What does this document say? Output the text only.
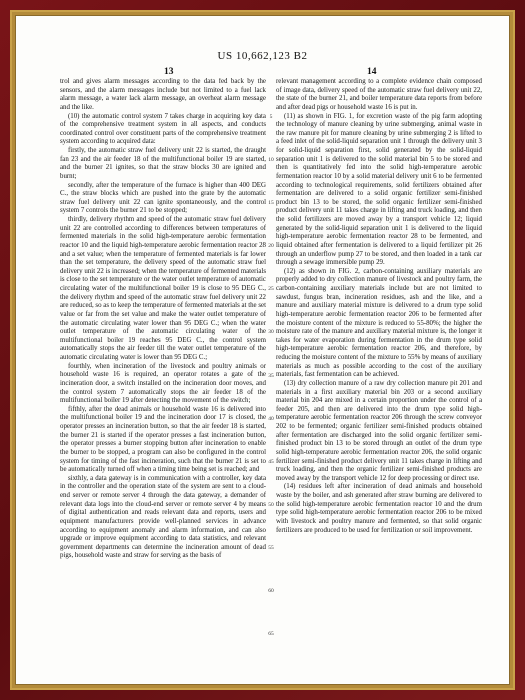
US 10,662,123 B2
13	14

trol and gives alarm messages according to the data fed back by the sensors, and the alarm messages include but not limited to a fuel lack alarm message, a water lack alarm message, an overheat alarm message and the like.

(10) the automatic control system 7 takes charge in acquiring key data of the comprehensive treatment system in all aspects, and conducts coordinated control over constituent parts of the comprehensive treatment system according to acquired data:

firstly, the automatic straw fuel delivery unit 22 is started, the draught fan 23 and the air feeder 18 of the multifunctional boiler 19 are started, and the burner 21 ignites, so that the straw blocks 30 are ignited and burnt;

secondly, after the temperature of the furnace is higher than 400 DEG C., the straw blocks which are pushed into the grate by the automatic straw fuel delivery unit 22 can ignite spontaneously, and the control system 7 controls the burner 21 to be stopped;

thirdly, delivery rhythm and speed of the automatic straw fuel delivery unit 22 are controlled according to differences between temperatures of fermented materials in the solid high-temperature aerobic fermentation reactor 10 and the liquid high-temperature aerobic fermentation reactor 28 and a set value; when the temperature of fermented materials is far lower than the set temperature, the delivery speed of the automatic straw fuel delivery unit 22 is increased; when the temperature of fermented materials is close to the set temperature or the water outlet temperature of automatic circulating water of the multifunctional boiler 19 is close to 95 DEG C., the delivery rhythm and speed of the automatic straw fuel delivery unit 22 are reduced, so as to keep the temperature of fermented materials at the set value or far from the set value and make the water outlet temperature of the automatic circulating water lower than 95 DEG C.; when the water outlet temperature of the automatic circulating water of the multifunctional boiler 19 reaches 95 DEG C., the control system automatically stops the air feeder till the water outlet temperature of the automatic circulating water is lower than 95 DEG C.;

fourthly, when incineration of the livestock and poultry animals or household waste 16 is required, an operator rotates a gate of the incineration door, a switch installed on the incineration door moves, and the control system 7 automatically stops the air feeder 18 of the multifunctional boiler 19 after detecting the movement of the switch;

fifthly, after the dead animals or household waste 16 is delivered into the multifunctional boiler 19 and the incineration door 17 is closed, the operator presses an incineration button, so that the air feeder 18 is started, the burner 21 is started if the operator presses a fast incineration button, the operator presses a burner stopping button after incineration to enable the burner to be stopped, a program can also be configured in the control system for timing of the fast incineration, such that the burner 21 is set to be automatically turned off when a timing time being set is reached; and

sixthly, a data gateway is in communication with a controller, key data in the controller and the operation state of the system are sent to a cloud-end server or remote server 4 through the data gateway, a demander of relevant data logs into the cloud-end server or remote server 4 by means of digital authentication and reads relevant data and reports, users and equipment manufacturers provide well-planned services in advance according to equipment anomaly and alarm information, and can also upgrade or improve equipment according to data statistics, and relevant government departments can determine the incineration amount of dead pigs, household waste and straw for serving as the basis of

5
10
15
20
25
30
35
40
45
50
55
60
65

relevant management according to a complete evidence chain composed of image data, delivery speed of the automatic straw fuel delivery unit 22, the state of the burner 21, and boiler temperature data reports from before and after dead pigs or household waste 16 is put in.

(11) as shown in FIG. 1, for excretion waste of the pig farm adopting the technology of manure cleaning by urine submerging, animal waste in the raw manure pit for manure cleaning by urine submerging 2 is lifted to a feed inlet of the solid-liquid separation unit 1 through the delivery unit 3 for solid-liquid separation first, solid generated by the solid-liquid separation unit 1 is delivered to the solid material bin 5 to be stored and then is quantitatively fed into the solid high-temperature aerobic fermentation reactor 10 by a solid material delivery unit 6 to be fermented according to technological requirements, solid fertilizers obtained after fermentation are delivered to a solid organic fertilizer semi-finished product bin 13 to be stored, the solid organic fertilizer semi-finished product delivery unit 11 takes charge in lifting and truck loading, and then the solid fertilizers are moved away by a transport vehicle 12; liquid generated by the solid-liquid separation unit 1 is delivered to the liquid high-temperature aerobic fermentation reactor 28 to be fermented, and liquid obtained after fermentation is delivered to a liquid fertilizer pit 26 through an underflow pump 27 to be stored, and then loaded in a tank car through a sewage immersible pump 29.

(12) as shown in FIG. 2, carbon-containing auxiliary materials are properly added to dry collection manure of livestock and poultry farm, the carbon-containing auxiliary materials include but are not limited to sawdust, fungus bran, incineration residues, ash and the like, and a manure and auxiliary material mixture is delivered to a drum type solid high-temperature aerobic fermentation reactor 206 to be fermented after the moisture content of the mixture is reduced to 55-80%; the higher the moisture rate of the manure and auxiliary material mixture is, the longer it takes for water evaporation during fermentation in the drum type solid high-temperature aerobic fermentation reactor 206, and therefore, by reducing the moisture content of the mixture to 55% by means of auxiliary materials as much as possible according to the cost of the auxiliary materials, fast fermentation can be achieved.

(13) dry collection manure of a raw dry collection manure pit 201 and materials in a first auxiliary material bin 203 or a second auxiliary material bin 204 are mixed in a certain proportion under the control of a feeder 205, and then are delivered into the drum type solid high-temperature aerobic fermentation reactor 206 through the screw conveyor 202 to be fermented; organic fertilizer semi-finished products obtained after fermentation are discharged into the solid organic fertilizer semi-finished product bin 13 to be stored through an outlet of the drum type solid high-temperature aerobic fermentation reactor 206, the solid organic fertilizer semi-finished product delivery unit 11 takes charge in lifting and truck loading, and then the organic fertilizer semi-finished products are moved away by the transport vehicle 12 for deep processing or direct use.

(14) residues left after incineration of dead animals and household waste by the boiler, and ash generated after straw burning are delivered to the solid high-temperature aerobic fermentation reactor 10 and the drum type solid high-temperature aerobic fermentation reactor 206 to be mixed with livestock and poultry manure and fermented, so that solid organic fertilizers are produced to be used for fertilization or soil improvement.
